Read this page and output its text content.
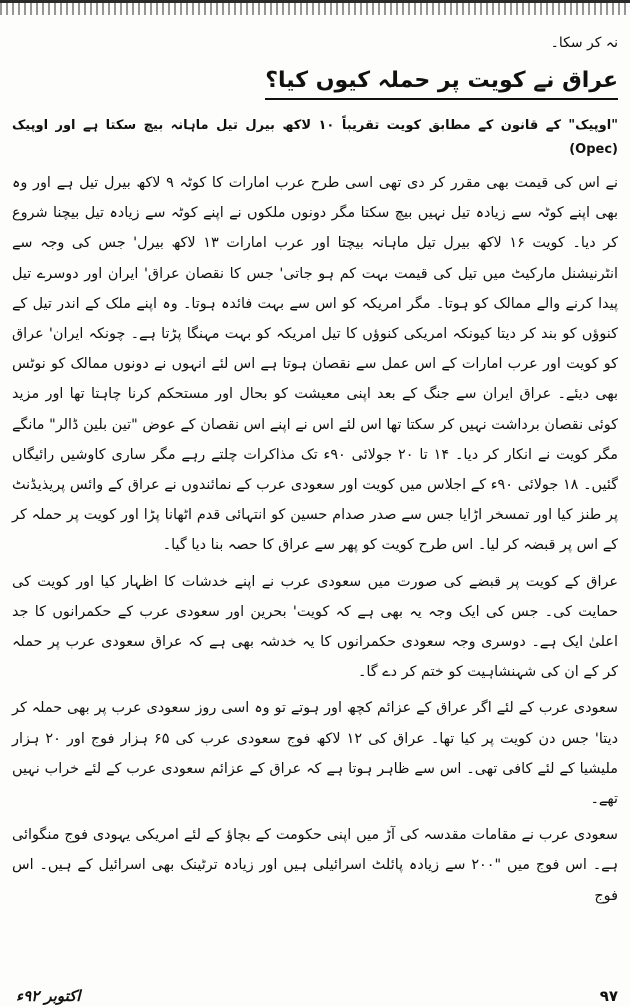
نہ کر سکا۔

عراق نے کویت پر حملہ کیوں کیا؟

"اوپیک" کے قانون کے مطابق کویت تقریباً ۱۰ لاکھ بیرل تیل ماہانہ بیچ سکتا ہے اور اوپیک (Opec)

نے اس کی قیمت بھی مقرر کر دی تھی اسی طرح عرب امارات کا کوٹہ ۹ لاکھ بیرل تیل ہے اور وہ بھی اپنے کوٹہ سے زیادہ تیل نہیں بیچ سکتا مگر دونوں ملکوں نے اپنے کوٹہ سے زیادہ تیل بیچنا شروع کر دیا۔ کویت ۱۶ لاکھ بیرل تیل ماہانہ بیچتا اور عرب امارات ۱۳ لاکھ بیرل' جس کی وجہ سے انٹرنیشنل مارکیٹ میں تیل کی قیمت بہت کم ہو جاتی' جس کا نقصان عراق' ایران اور دوسرے تیل پیدا کرنے والے ممالک کو ہوتا۔ مگر امریکہ کو اس سے بہت فائدہ ہوتا۔ وہ اپنے ملک کے اندر تیل کے کنوؤں کو بند کر دیتا کیونکہ امریکی کنوؤں کا تیل امریکہ کو بہت مہنگا پڑتا ہے۔ چونکہ ایران' عراق کو کویت اور عرب امارات کے اس عمل سے نقصان ہوتا ہے اس لئے انہوں نے دونوں ممالک کو نوٹس بھی دیئے۔ عراق ایران سے جنگ کے بعد اپنی معیشت کو بحال اور مستحکم کرنا چاہتا تھا اور مزید کوئی نقصان برداشت نہیں کر سکتا تھا اس لئے اس نے اپنے اس نقصان کے عوض "تین بلین ڈالر" مانگے مگر کویت نے انکار کر دیا۔ ۱۴ تا ۲۰ جولائی ۹۰ء تک مذاکرات چلتے رہے مگر ساری کاوشیں رائیگاں گئیں۔ ۱۸ جولائی ۹۰ء کے اجلاس میں کویت اور سعودی عرب کے نمائندوں نے عراق کے وائس پریذیڈنٹ پر طنز کیا اور تمسخر اڑایا جس سے صدر صدام حسین کو انتہائی قدم اٹھانا پڑا اور کویت پر حملہ کر کے اس پر قبضہ کر لیا۔ اس طرح کویت کو پھر سے عراق کا حصہ بنا دیا گیا۔

عراق کے کویت پر قبضے کی صورت میں سعودی عرب نے اپنے خدشات کا اظہار کیا اور کویت کی حمایت کی۔ جس کی ایک وجہ یہ بھی ہے کہ کویت' بحرین اور سعودی عرب کے حکمرانوں کا جد اعلیٰ ایک ہے۔ دوسری وجہ سعودی حکمرانوں کا یہ خدشہ بھی ہے کہ عراق سعودی عرب پر حملہ کر کے ان کی شہنشاہیت کو ختم کر دے گا۔

سعودی عرب کے لئے اگر عراق کے عزائم کچھ اور ہوتے تو وہ اسی روز سعودی عرب پر بھی حملہ کر دیتا' جس دن کویت پر کیا تھا۔ عراق کی ۱۲ لاکھ فوج سعودی عرب کی ۶۵ ہزار فوج اور ۲۰ ہزار ملیشیا کے لئے کافی تھی۔ اس سے ظاہر ہوتا ہے کہ عراق کے عزائم سعودی عرب کے لئے خراب نہیں تھے۔

سعودی عرب نے مقامات مقدسہ کی آڑ میں اپنی حکومت کے بچاؤ کے لئے امریکی یہودی فوج منگوائی ہے۔ اس فوج میں "۲۰۰ سے زیادہ پائلٹ اسرائیلی ہیں اور زیادہ ترٹینک بھی اسرائیل کے ہیں۔ اس فوج

اکتوبر ۹۲ء	۹۷
